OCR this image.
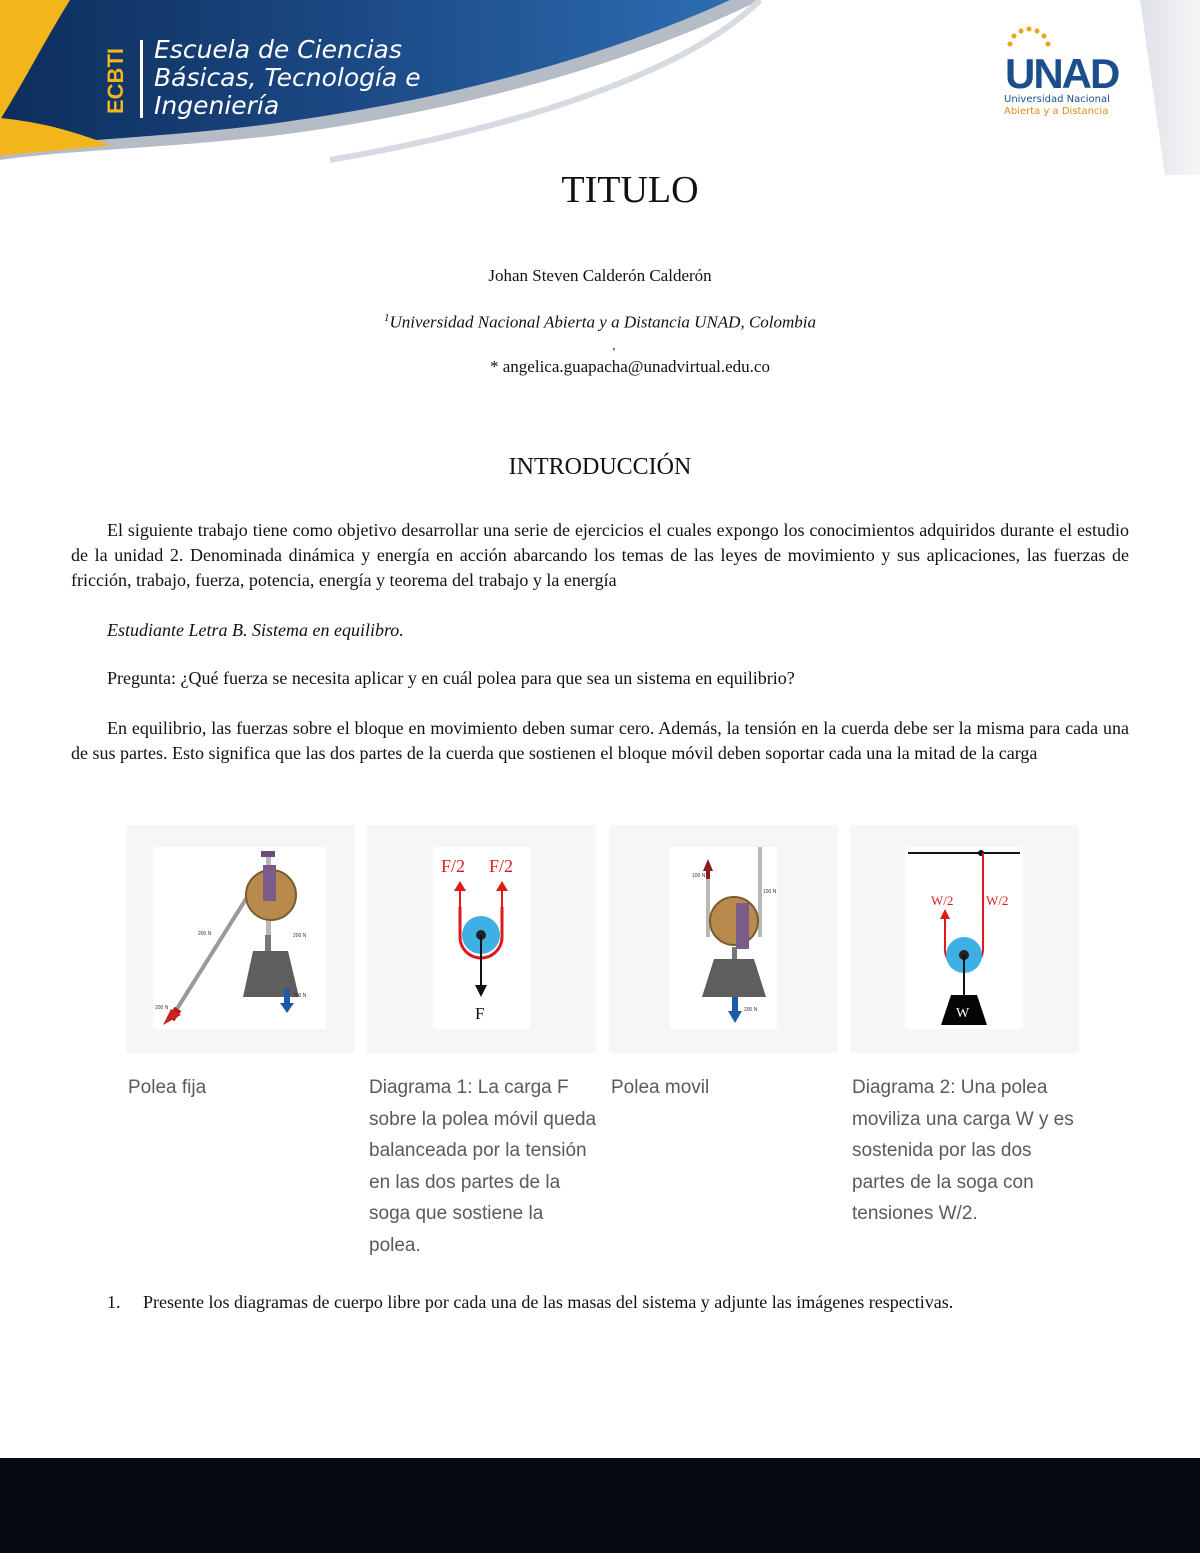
ECBTI Escuela de Ciencias
Básicas, Tecnología e
Ingeniería
UNAD
Universidad Nacional
Abierta y a Distancia
TITULO
Johan Steven Calderón Calderón
$^1$Universidad Nacional Abierta y a Distancia UNAD, Colombia
,
* angelica.guapacha@unadvirtual.edu.co
INTRODUCCIÓN
El siguiente trabajo tiene como objetivo desarrollar una serie de ejercicios el cuales expongo los conocimientos adquiridos durante el estudio de la unidad 2. Denominada dinámica y energía en acción abarcando los temas de las leyes de movimiento y sus aplicaciones, las fuerzas de fricción, trabajo, fuerza, potencia, energía y teorema del trabajo y la energía
Estudiante Letra B. Sistema en equilibro.
Pregunta: ¿Qué fuerza se necesita aplicar y en cuál polea para que sea un sistema en equilibrio?
En equilibrio, las fuerzas sobre el bloque en movimiento deben sumar cero. Además, la tensión en la cuerda debe ser la misma para cada una de sus partes. Esto significa que las dos partes de la cuerda que sostienen el bloque móvil deben soportar cada una la mitad de la carga
200 N	200 N
200 N
200 N
F/2 F/2
F
100 N
100 N
200 N
W/2	W/2
W
Polea fija	Diagrama 1: La carga F sobre la polea móvil queda balanceada por la tensión en las dos partes de la soga que sostiene la polea.
Polea movil	Diagrama 2: Una polea moviliza una carga W y es sostenida por las dos partes de la soga con tensiones W/2.
1. Presente los diagramas de cuerpo libre por cada una de las masas del sistema y adjunte las imágenes respectivas.
